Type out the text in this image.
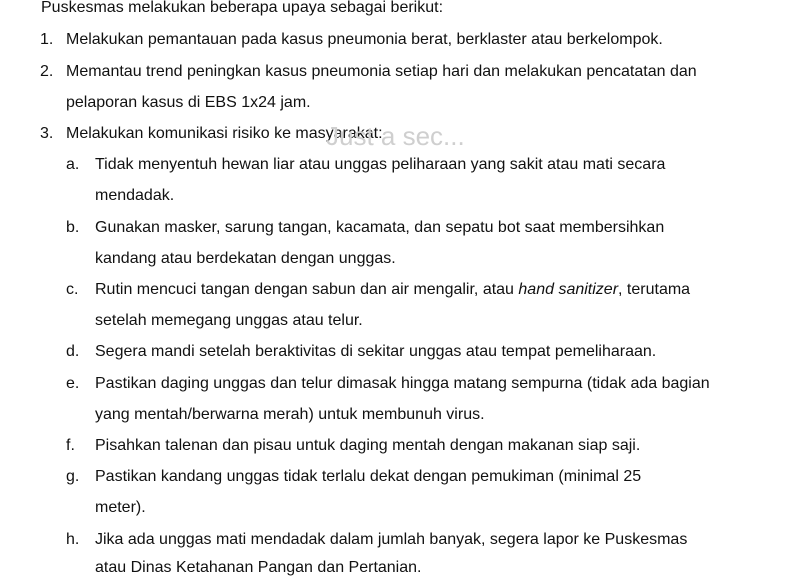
Puskesmas melakukan beberapa upaya sebagai berikut:
1. Melakukan pemantauan pada kasus pneumonia berat, berklaster atau berkelompok.
2. Memantau trend peningkan kasus pneumonia setiap hari dan melakukan pencatatan dan
pelaporan kasus di EBS 1x24 jam.
3. Melakukan komunikasi risiko ke masyarakat:
a. Tidak menyentuh hewan liar atau unggas peliharaan yang sakit atau mati secara
mendadak.
b. Gunakan masker, sarung tangan, kacamata, dan sepatu bot saat membersihkan
kandang atau berdekatan dengan unggas.
c. Rutin mencuci tangan dengan sabun dan air mengalir, atau hand sanitizer, terutama
setelah memegang unggas atau telur.
d. Segera mandi setelah beraktivitas di sekitar unggas atau tempat pemeliharaan.
e. Pastikan daging unggas dan telur dimasak hingga matang sempurna (tidak ada bagian
yang mentah/berwarna merah) untuk membunuh virus.
f. Pisahkan talenan dan pisau untuk daging mentah dengan makanan siap saji.
g. Pastikan kandang unggas tidak terlalu dekat dengan pemukiman (minimal 25
meter).
h. Jika ada unggas mati mendadak dalam jumlah banyak, segera lapor ke Puskesmas
atau Dinas Ketahanan Pangan dan Pertanian.
Just a sec...
